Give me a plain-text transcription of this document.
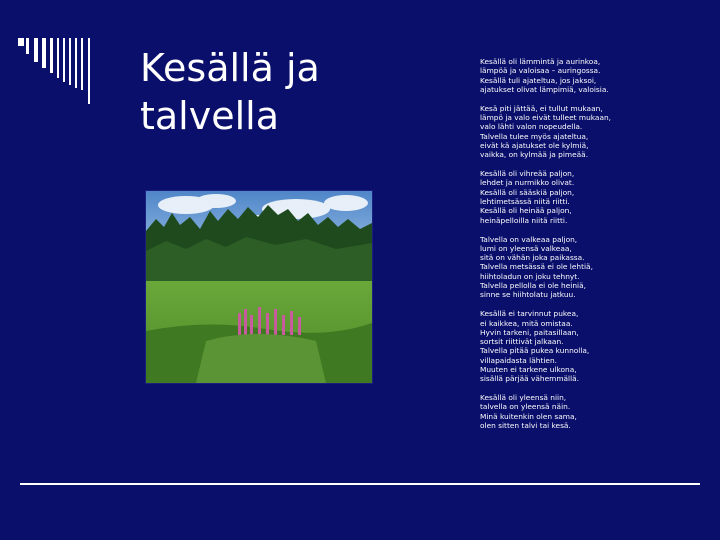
Kesällä ja
talvella

Kesällä oli lämmintä ja aurinkoa,
lämpöä ja valoisaa – auringossa.
Kesällä tuli ajateltua, jos jaksoi,
ajatukset olivat lämpimiä, valoisia.

Kesä piti jättää, ei tullut mukaan,
lämpö ja valo eivät tulleet mukaan,
valo lähti valon nopeudella.
Talvella tulee myös ajateltua,
eivät kä ajatukset ole kylmiä,
vaikka, on kylmää ja pimeää.

Kesällä oli vihreää paljon,
lehdet ja nurmikko olivat.
Kesällä oli sääskiä paljon,
lehtimetsässä niitä riitti.
Kesällä oli heinää paljon,
heinäpelloilla niitä riitti.

Talvella on valkeaa paljon,
lumi on yleensä valkeaa,
sitä on vähän joka paikassa.
Talvella metsässä ei ole lehtiä,
hiihtoladun on joku tehnyt.
Talvella pellolla ei ole heiniä,
sinne se hiihtolatu jatkuu.

Kesällä ei tarvinnut pukea,
ei kaikkea, mitä omistaa.
Hyvin tarkeni, paitasillaan,
sortsit riittivät jalkaan.
Talvella pitää pukea kunnolla,
villapaidasta lähtien.
Muuten ei tarkene ulkona,
sisällä pärjää vähemmällä.

Kesällä oli yleensä niin,
talvella on yleensä näin.
Minä kuitenkin olen sama,
olen sitten talvi tai kesä.
